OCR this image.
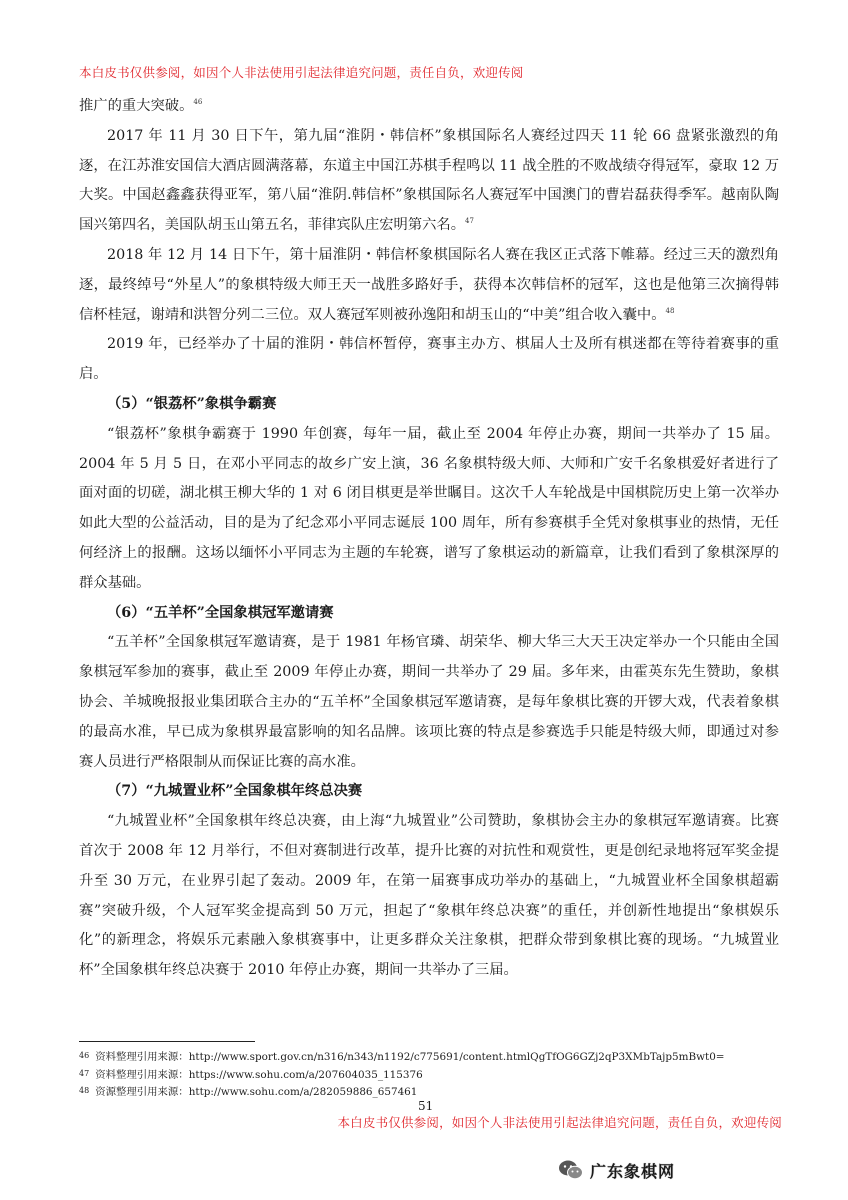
本白皮书仅供参阅，如因个人非法使用引起法律追究问题，责任自负，欢迎传阅

推广的重大突破。$^{46}$

2017 年 11 月 30 日下午，第九届“淮阴・韩信杯”象棋国际名人赛经过四天 11 轮 66 盘紧张激烈的角逐，在江苏淮安国信大酒店圆满落幕，东道主中国江苏棋手程鸣以 11 战全胜的不败战绩夺得冠军，豪取 12 万大奖。中国赵鑫鑫获得亚军，第八届“淮阴.韩信杯”象棋国际名人赛冠军中国澳门的曹岩磊获得季军。越南队陶国兴第四名，美国队胡玉山第五名，菲律宾队庄宏明第六名。$^{47}$

2018 年 12 月 14 日下午，第十届淮阴・韩信杯象棋国际名人赛在我区正式落下帷幕。经过三天的激烈角逐，最终绰号“外星人”的象棋特级大师王天一战胜多路好手，获得本次韩信杯的冠军，这也是他第三次摘得韩信杯桂冠，谢靖和洪智分列二三位。双人赛冠军则被孙逸阳和胡玉山的“中美”组合收入囊中。$^{48}$

2019 年，已经举办了十届的淮阴・韩信杯暂停，赛事主办方、棋届人士及所有棋迷都在等待着赛事的重启。

（5）“银荔杯”象棋争霸赛

“银荔杯”象棋争霸赛于 1990 年创赛，每年一届，截止至 2004 年停止办赛，期间一共举办了 15 届。2004 年 5 月 5 日，在邓小平同志的故乡广安上演，36 名象棋特级大师、大师和广安千名象棋爱好者进行了面对面的切磋，湖北棋王柳大华的 1 对 6 闭目棋更是举世瞩目。这次千人车轮战是中国棋院历史上第一次举办如此大型的公益活动，目的是为了纪念邓小平同志诞辰 100 周年，所有参赛棋手全凭对象棋事业的热情，无任何经济上的报酬。这场以缅怀小平同志为主题的车轮赛，谱写了象棋运动的新篇章，让我们看到了象棋深厚的群众基础。

（6）“五羊杯”全国象棋冠军邀请赛

“五羊杯”全国象棋冠军邀请赛，是于 1981 年杨官璘、胡荣华、柳大华三大天王决定举办一个只能由全国象棋冠军参加的赛事，截止至 2009 年停止办赛，期间一共举办了 29 届。多年来，由霍英东先生赞助，象棋协会、羊城晚报报业集团联合主办的“五羊杯”全国象棋冠军邀请赛，是每年象棋比赛的开锣大戏，代表着象棋的最高水准，早已成为象棋界最富影响的知名品牌。该项比赛的特点是参赛选手只能是特级大师，即通过对参赛人员进行严格限制从而保证比赛的高水准。

（7）“九城置业杯”全国象棋年终总决赛

“九城置业杯”全国象棋年终总决赛，由上海“九城置业”公司赞助，象棋协会主办的象棋冠军邀请赛。比赛首次于 2008 年 12 月举行，不但对赛制进行改革，提升比赛的对抗性和观赏性，更是创纪录地将冠军奖金提升至 30 万元，在业界引起了轰动。2009 年，在第一届赛事成功举办的基础上，“九城置业杯全国象棋超霸赛”突破升级，个人冠军奖金提高到 50 万元，担起了“象棋年终总决赛”的重任，并创新性地提出“象棋娱乐化”的新理念，将娱乐元素融入象棋赛事中，让更多群众关注象棋，把群众带到象棋比赛的现场。“九城置业杯”全国象棋年终总决赛于 2010 年停止办赛，期间一共举办了三届。

46 资料整理引用来源：http://www.sport.gov.cn/n316/n343/n1192/c775691/content.htmlQgTfOG6GZj2qP3XMbTajp5mBwt0=
47 资料整理引用来源：https://www.sohu.com/a/207604035_115376
48 资源整理引用来源：http://www.sohu.com/a/282059886_657461
51
本白皮书仅供参阅，如因个人非法使用引起法律追究问题，责任自负，欢迎传阅
广东象棋网
